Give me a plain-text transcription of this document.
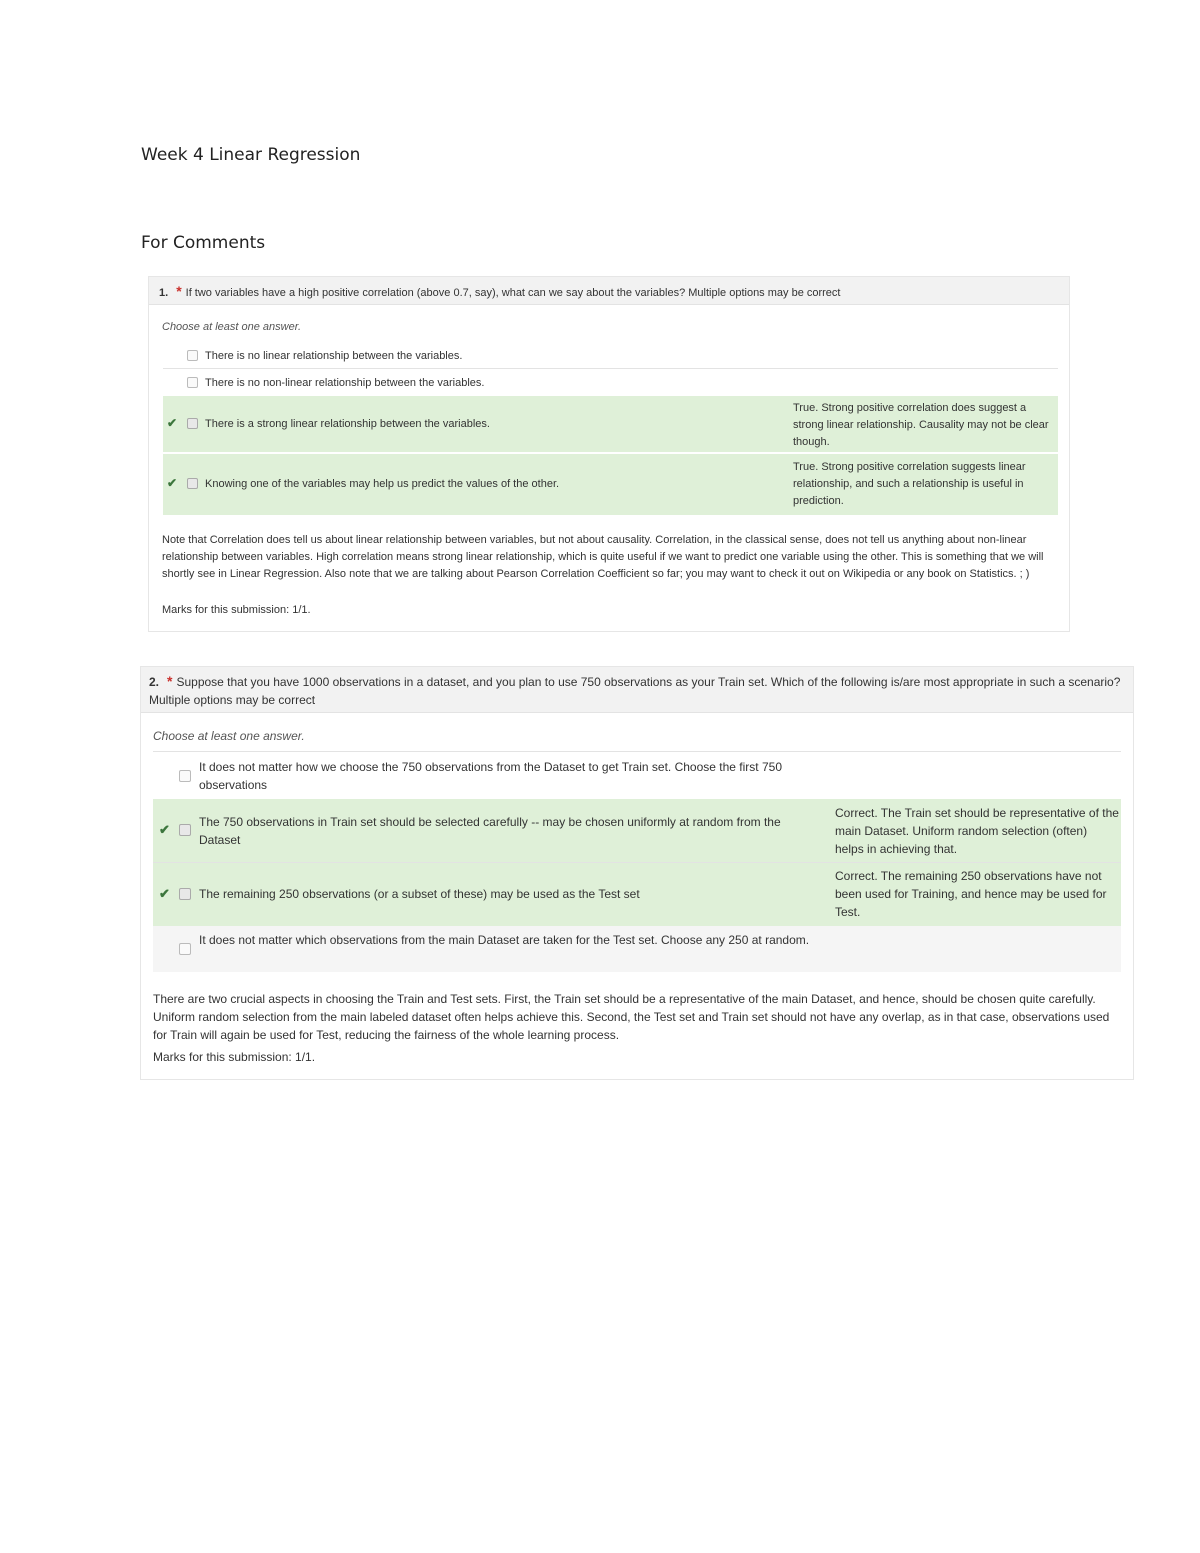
Week 4 Linear Regression
For Comments
1. * If two variables have a high positive correlation (above 0.7, say), what can we say about the variables? Multiple options may be correct
Choose at least one answer.
There is no linear relationship between the variables.
There is no non-linear relationship between the variables.
✔	There is a strong linear relationship between the variables.
True. Strong positive correlation does suggest a strong linear relationship. Causality may not be clear though.
✔	Knowing one of the variables may help us predict the values of the other.
True. Strong positive correlation suggests linear relationship, and such a relationship is useful in prediction.
Note that Correlation does tell us about linear relationship between variables, but not about causality. Correlation, in the classical sense, does not tell us anything about non-linear relationship between variables. High correlation means strong linear relationship, which is quite useful if we want to predict one variable using the other. This is something that we will shortly see in Linear Regression. Also note that we are talking about Pearson Correlation Coefficient so far; you may want to check it out on Wikipedia or any book on Statistics. ; )
Marks for this submission: 1/1.
2. * Suppose that you have 1000 observations in a dataset, and you plan to use 750 observations as your Train set. Which of the following is/are most appropriate in such a scenario? Multiple options may be correct
Choose at least one answer.
It does not matter how we choose the 750 observations from the Dataset to get Train set. Choose the first 750 observations
✔ The 750 observations in Train set should be selected carefully -- may be chosen uniformly at random from the Dataset
Correct. The Train set should be representative of the main Dataset. Uniform random selection (often) helps in achieving that.
✔ The remaining 250 observations (or a subset of these) may be used as the Test set
Correct. The remaining 250 observations have not been used for Training, and hence may be used for Test.
It does not matter which observations from the main Dataset are taken for the Test set. Choose any 250 at random.
There are two crucial aspects in choosing the Train and Test sets. First, the Train set should be a representative of the main Dataset, and hence, should be chosen quite carefully. Uniform random selection from the main labeled dataset often helps achieve this. Second, the Test set and Train set should not have any overlap, as in that case, observations used for Train will again be used for Test, reducing the fairness of the whole learning process.
Marks for this submission: 1/1.
